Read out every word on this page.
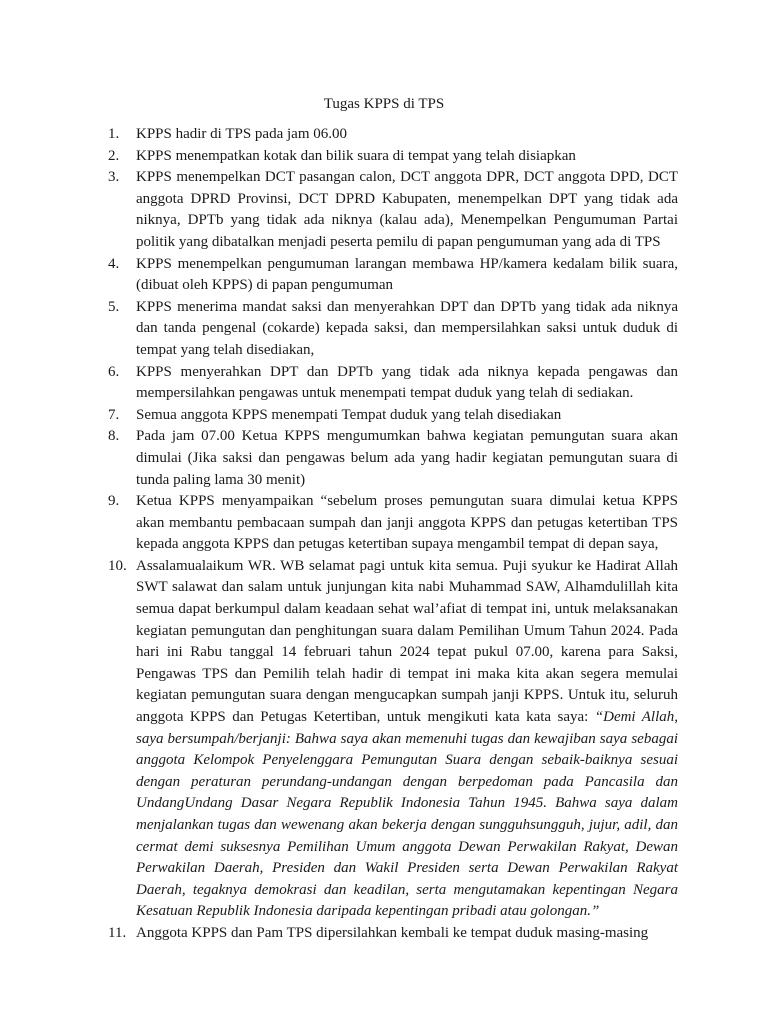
Tugas KPPS di TPS
1. KPPS hadir di TPS pada jam 06.00
2. KPPS menempatkan kotak dan bilik suara di tempat yang telah disiapkan
3. KPPS menempelkan DCT pasangan calon, DCT anggota DPR, DCT anggota DPD, DCT anggota DPRD Provinsi, DCT DPRD Kabupaten, menempelkan DPT yang tidak ada niknya, DPTb yang tidak ada niknya (kalau ada), Menempelkan Pengumuman Partai politik yang dibatalkan menjadi peserta pemilu di papan pengumuman yang ada di TPS
4. KPPS menempelkan pengumuman larangan membawa HP/kamera kedalam bilik suara, (dibuat oleh KPPS) di papan pengumuman
5. KPPS menerima mandat saksi dan menyerahkan DPT dan DPTb yang tidak ada niknya dan tanda pengenal (cokarde) kepada saksi, dan mempersilahkan saksi untuk duduk di tempat yang telah disediakan,
6. KPPS menyerahkan DPT dan DPTb yang tidak ada niknya kepada pengawas dan mempersilahkan pengawas untuk menempati tempat duduk yang telah di sediakan.
7. Semua anggota KPPS menempati Tempat duduk yang telah disediakan
8. Pada jam 07.00 Ketua KPPS mengumumkan bahwa kegiatan pemungutan suara akan dimulai (Jika saksi dan pengawas belum ada yang hadir kegiatan pemungutan suara di tunda paling lama 30 menit)
9. Ketua KPPS menyampaikan “sebelum proses pemungutan suara dimulai ketua KPPS akan membantu pembacaan sumpah dan janji anggota KPPS dan petugas ketertiban TPS kepada anggota KPPS dan petugas ketertiban supaya mengambil tempat di depan saya,
10. Assalamualaikum WR. WB selamat pagi untuk kita semua. Puji syukur ke Hadirat Allah SWT salawat dan salam untuk junjungan kita nabi Muhammad SAW, Alhamdulillah kita semua dapat berkumpul dalam keadaan sehat wal’afiat di tempat ini, untuk melaksanakan kegiatan pemungutan dan penghitungan suara dalam Pemilihan Umum Tahun 2024. Pada hari ini Rabu tanggal 14 februari tahun 2024 tepat pukul 07.00, karena para Saksi, Pengawas TPS dan Pemilih telah hadir di tempat ini maka kita akan segera memulai kegiatan pemungutan suara dengan mengucapkan sumpah janji KPPS. Untuk itu, seluruh anggota KPPS dan Petugas Ketertiban, untuk mengikuti kata kata saya: “Demi Allah, saya bersumpah/berjanji: Bahwa saya akan memenuhi tugas dan kewajiban saya sebagai anggota Kelompok Penyelenggara Pemungutan Suara dengan sebaik-baiknya sesuai dengan peraturan perundang-undangan dengan berpedoman pada Pancasila dan UndangUndang Dasar Negara Republik Indonesia Tahun 1945. Bahwa saya dalam menjalankan tugas dan wewenang akan bekerja dengan sungguhsungguh, jujur, adil, dan cermat demi suksesnya Pemilihan Umum anggota Dewan Perwakilan Rakyat, Dewan Perwakilan Daerah, Presiden dan Wakil Presiden serta Dewan Perwakilan Rakyat Daerah, tegaknya demokrasi dan keadilan, serta mengutamakan kepentingan Negara Kesatuan Republik Indonesia daripada kepentingan pribadi atau golongan.”
11. Anggota KPPS dan Pam TPS dipersilahkan kembali ke tempat duduk masing-masing
